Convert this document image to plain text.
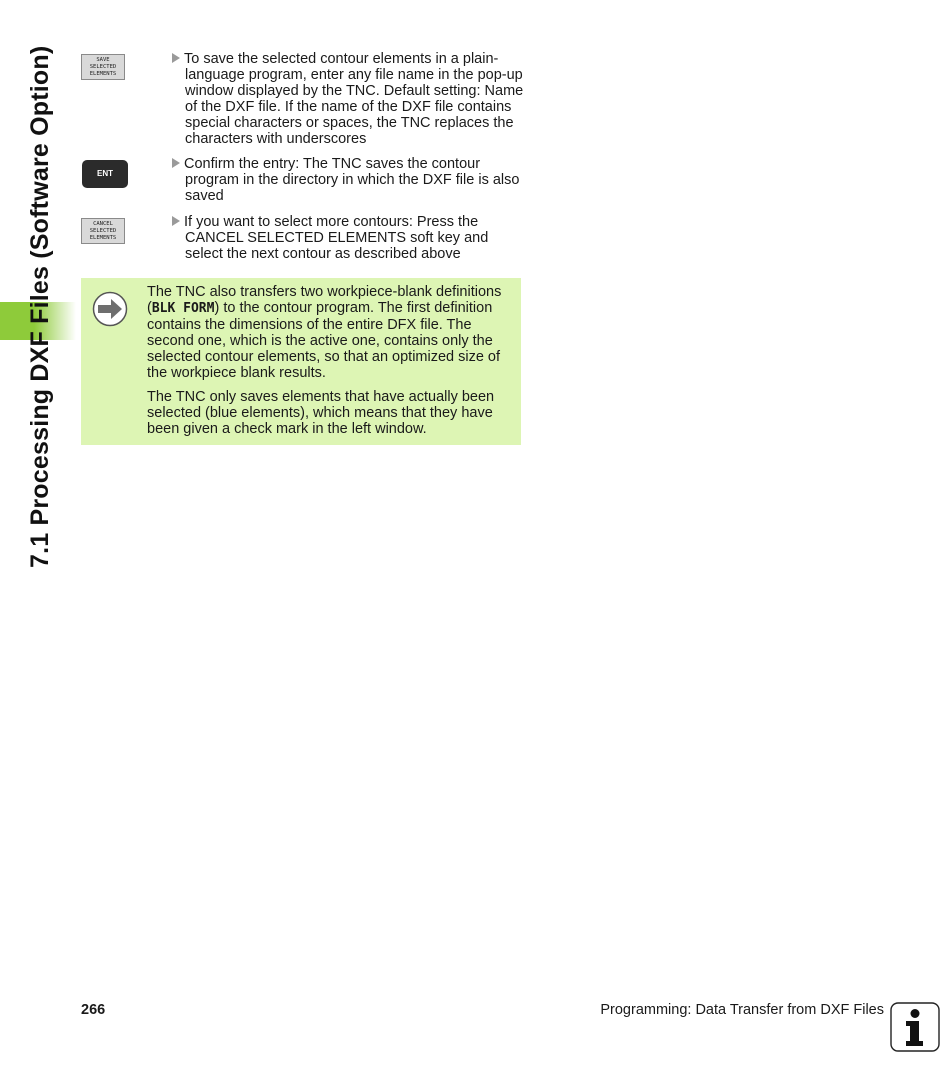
7.1 Processing DXF Files (Software Option)	SAVE
SELECTED
ELEMENTS
ENT
CANCEL
SELECTED
ELEMENTS
To save the selected contour elements in a plain-language program, enter any file name in the pop-up window displayed by the TNC. Default setting: Name of the DXF file. If the name of the DXF file contains special characters or spaces, the TNC replaces the characters with underscores
Confirm the entry: The TNC saves the contour program in the directory in which the DXF file is also saved
If you want to select more contours: Press the CANCEL SELECTED ELEMENTS soft key and select the next contour as described above
The TNC also transfers two workpiece-blank definitions (BLK FORM) to the contour program. The first definition contains the dimensions of the entire DFX file. The second one, which is the active one, contains only the selected contour elements, so that an optimized size of the workpiece blank results.
The TNC only saves elements that have actually been selected (blue elements), which means that they have been given a check mark in the left window.
266	Programming: Data Transfer from DXF Files
